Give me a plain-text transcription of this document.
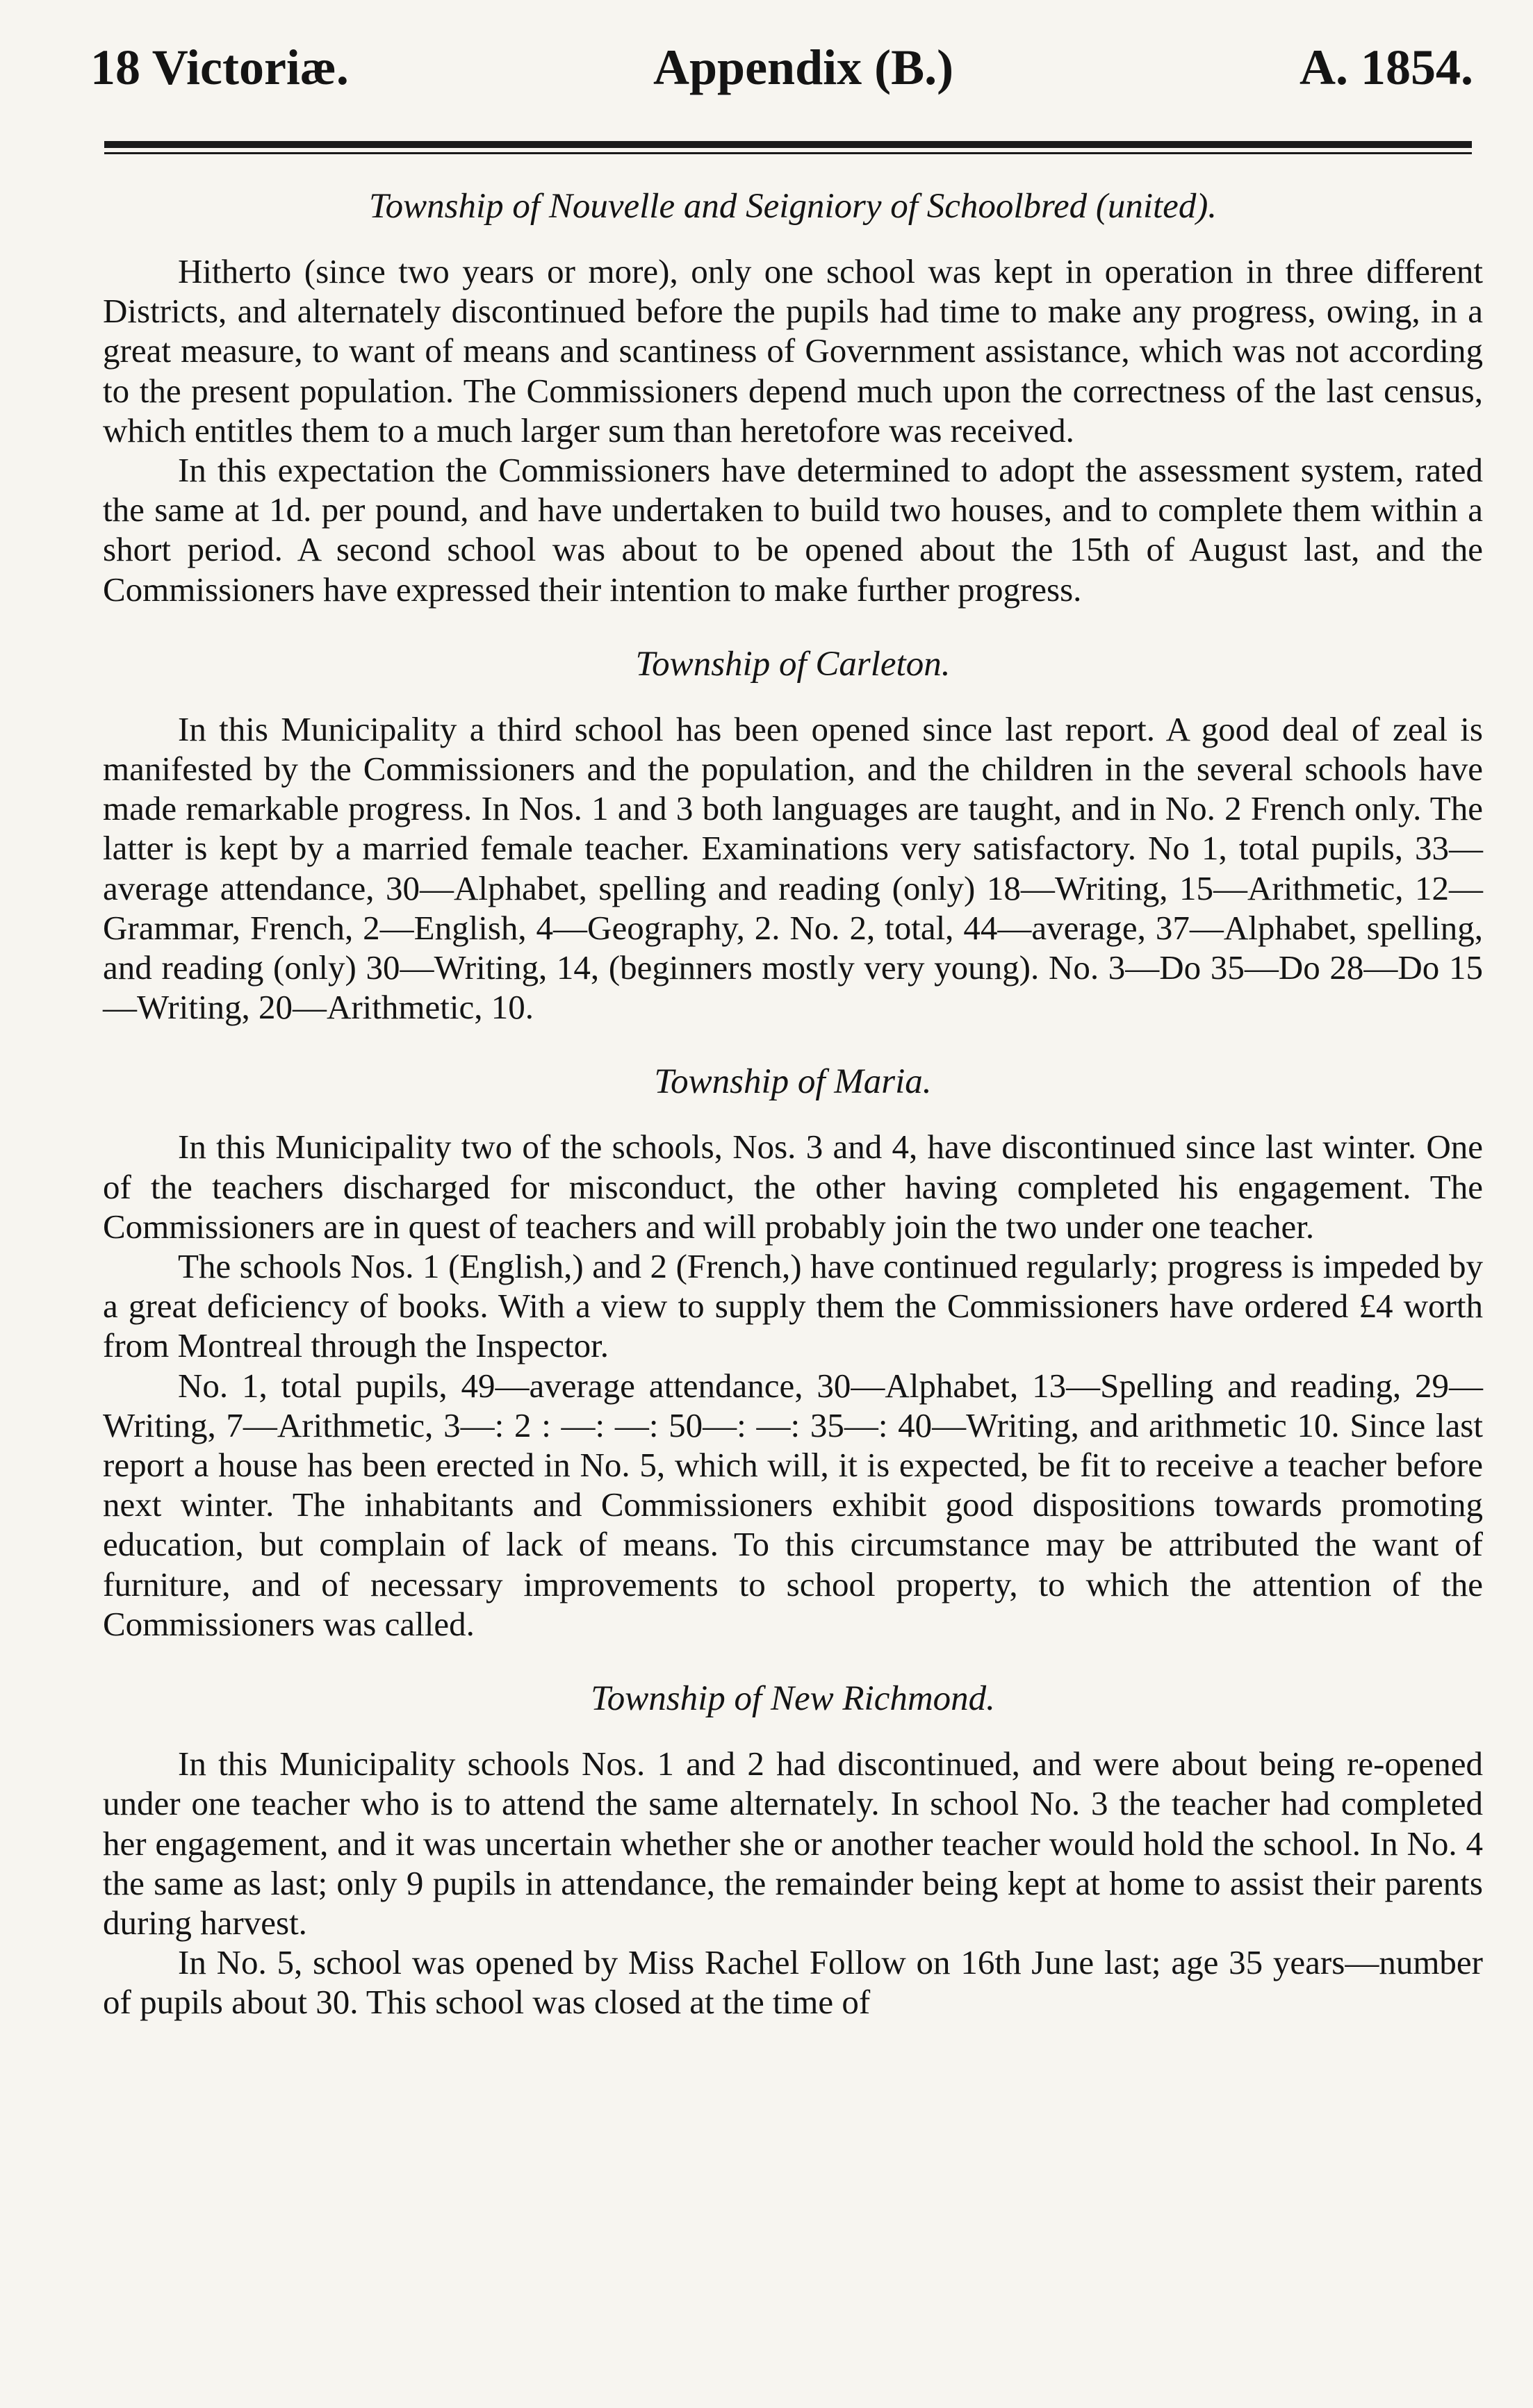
18 Victoriæ.	Appendix (B.)	A. 1854.
Township of Nouvelle and Seigniory of Schoolbred (united).

Hitherto (since two years or more), only one school was kept in operation in three different Districts, and alternately discontinued before the pupils had time to make any progress, owing, in a great measure, to want of means and scantiness of Government assistance, which was not according to the present population. The Commissioners depend much upon the correctness of the last census, which entitles them to a much larger sum than heretofore was received.

In this expectation the Commissioners have determined to adopt the assessment system, rated the same at 1d. per pound, and have undertaken to build two houses, and to complete them within a short period. A second school was about to be opened about the 15th of August last, and the Commissioners have expressed their intention to make further progress.

Township of Carleton.

In this Municipality a third school has been opened since last report. A good deal of zeal is manifested by the Commissioners and the population, and the children in the several schools have made remarkable progress. In Nos. 1 and 3 both languages are taught, and in No. 2 French only. The latter is kept by a married female teacher. Examinations very satisfactory. No 1, total pupils, 33—average attendance, 30—Alphabet, spelling and reading (only) 18—Writing, 15—Arithmetic, 12—Grammar, French, 2—English, 4—Geography, 2. No. 2, total, 44—average, 37—Alphabet, spelling, and reading (only) 30—Writing, 14, (beginners mostly very young). No. 3—Do 35—Do 28—Do 15—Writing, 20—Arithmetic, 10.

Township of Maria.

In this Municipality two of the schools, Nos. 3 and 4, have discontinued since last winter. One of the teachers discharged for misconduct, the other having completed his engagement. The Commissioners are in quest of teachers and will probably join the two under one teacher.

The schools Nos. 1 (English,) and 2 (French,) have continued regularly; progress is impeded by a great deficiency of books. With a view to supply them the Commissioners have ordered £4 worth from Montreal through the Inspector.

No. 1, total pupils, 49—average attendance, 30—Alphabet, 13—Spelling and reading, 29—Writing, 7—Arithmetic, 3—: 2 : —: —: 50—: —: 35—: 40—Writing, and arithmetic 10. Since last report a house has been erected in No. 5, which will, it is expected, be fit to receive a teacher before next winter. The inhabitants and Commissioners exhibit good dispositions towards promoting education, but complain of lack of means. To this circumstance may be attributed the want of furniture, and of necessary improvements to school property, to which the attention of the Commissioners was called.

Township of New Richmond.

In this Municipality schools Nos. 1 and 2 had discontinued, and were about being re-opened under one teacher who is to attend the same alternately. In school No. 3 the teacher had completed her engagement, and it was uncertain whether she or another teacher would hold the school. In No. 4 the same as last; only 9 pupils in attendance, the remainder being kept at home to assist their parents during harvest.

In No. 5, school was opened by Miss Rachel Follow on 16th June last; age 35 years—number of pupils about 30. This school was closed at the time of
